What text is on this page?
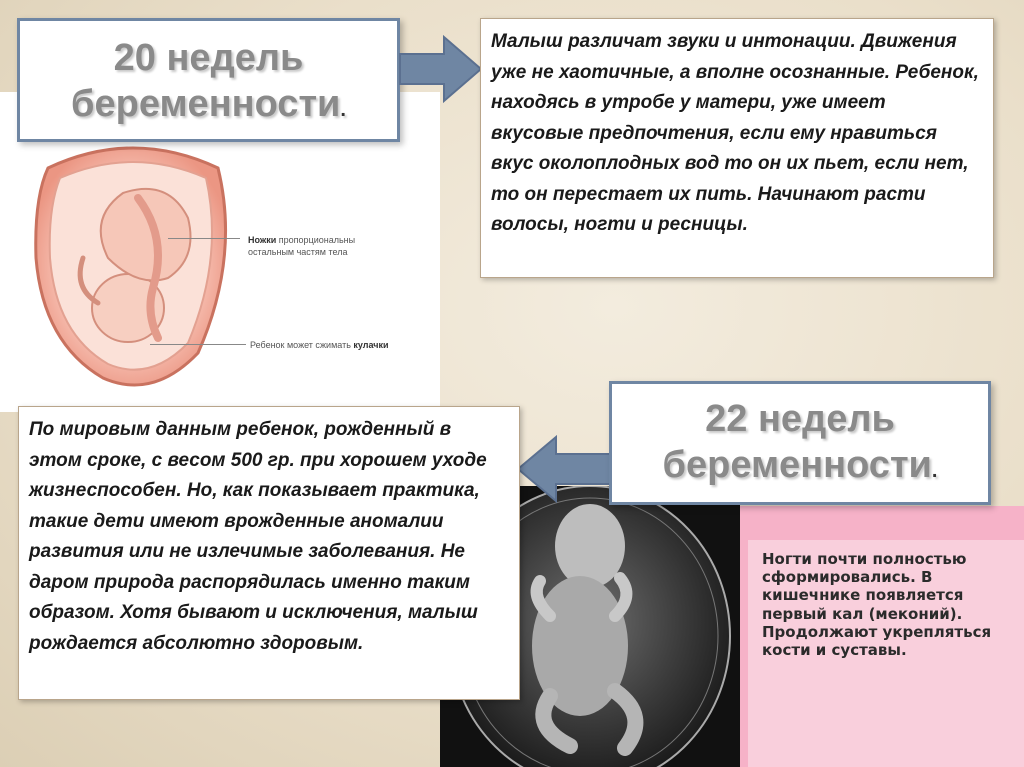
Ножки пропорциональны остальным частям тела
Ребенок может сжимать кулачки
20 недель
беременности.

Малыш различат звуки и интонации. Движения уже не хаотичные, а вполне осознанные. Ребенок, находясь в утробе у матери, уже имеет вкусовые предпочтения, если ему нравиться вкус околоплодных вод то он их пьет, если нет, то он перестает их пить. Начинают расти волосы, ногти и ресницы.

Ногти почти полностью сформировались. В кишечнике появляется первый кал (меконий). Продолжают укрепляться кости и суставы.

22 недель
беременности.

По мировым данным ребенок, рожденный в этом сроке, с весом 500 гр. при хорошем уходе жизнеспособен. Но, как показывает практика, такие дети имеют врожденные аномалии развития или не излечимые заболевания. Не даром природа распорядилась именно таким образом. Хотя бывают и исключения, малыш рождается абсолютно здоровым.
